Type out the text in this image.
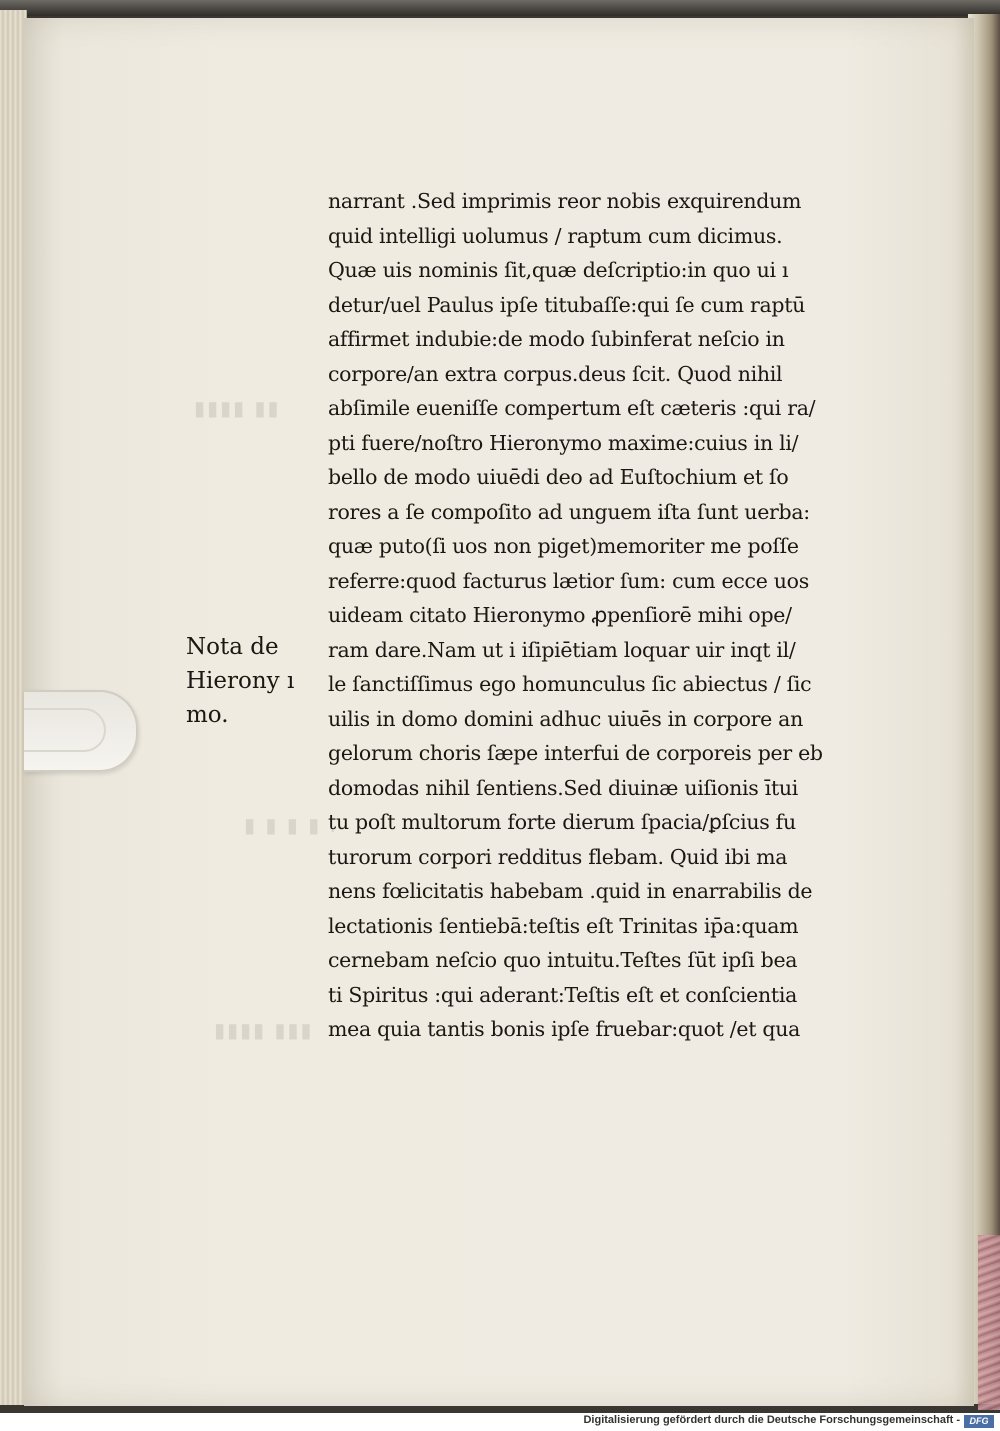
▮▮▮▮ ▮▮
▮ ▮ ▮ ▮ .
▮▮▮▮ ▮▮▮
Nota de
Hierony ı
mo.
narrant .Sed imprimis reor nobis exquirendum
quid intelligi uolumus / raptum cum dicimus.
Quæ uis nominis ſit,quæ deſcriptio:in quo ui ı
detur/uel Paulus ipſe titubaſſe:qui ſe cum raptū
affirmet indubie:de modo ſubinferat neſcio in
corpore/an extra corpus.deus ſcit. Quod nihil
abſimile eueniſſe compertum eſt cæteris :qui ra/
pti fuere/noſtro Hieronymo maxime:cuius in li/
bello de modo uiuēdi deo ad Euſtochium et ſo
rores a ſe compoſito ad unguem iſta ſunt uerba:
quæ puto(ſi uos non piget)memoriter me poſſe
referre:quod facturus lætior ſum: cum ecce uos
uideam citato Hieronymo ꝓpenſiorē mihi ope/
ram dare.Nam ut i iſipiētiam loquar uir inqt il/
le ſanctiſſimus ego homunculus ſic abiectus / ſic
uilis in domo domini adhuc uiuēs in corpore an
gelorum choris ſæpe interfui de corporeis per eb
domodas nihil ſentiens.Sed diuinæ uiſionis ītui
tu poſt multorum forte dierum ſpacia/ꝑſcius fu
turorum corpori redditus flebam. Quid ibi ma
nens fœlicitatis habebam .quid in enarrabilis de
lectationis ſentiebā:teſtis eſt Trinitas ip̄a:quam
cernebam neſcio quo intuitu.Teſtes ſūt ipſi bea
ti Spiritus :qui aderant:Teſtis eſt et conſcientia
mea quia tantis bonis ipſe fruebar:quot /et qua
Digitalisierung gefördert durch die Deutsche Forschungsgemeinschaft -	DFG
